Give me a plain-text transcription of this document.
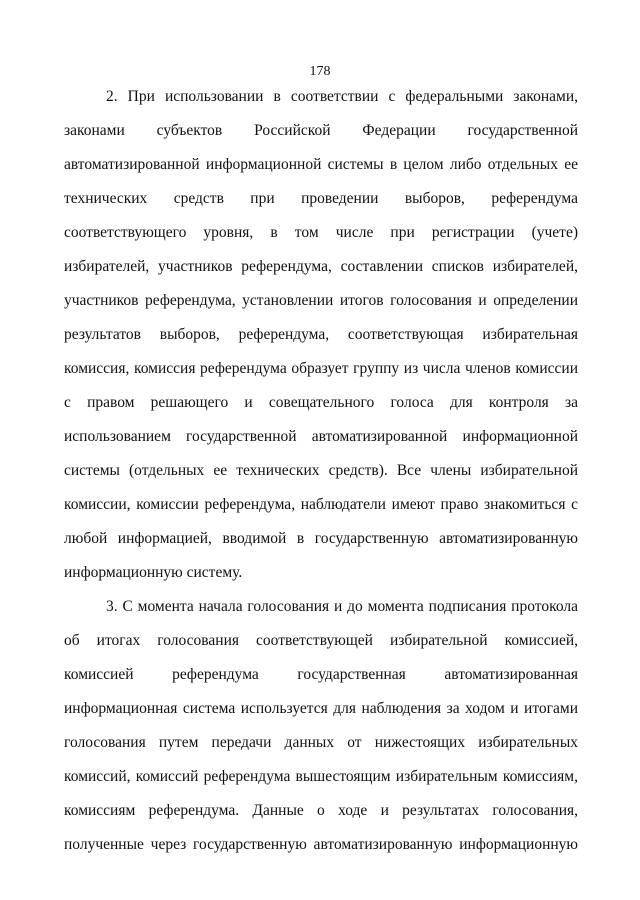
178
2. При использовании в соответствии с федеральными законами,
законами субъектов Российской Федерации государственной
автоматизированной информационной системы в целом либо отдельных ее
технических средств при проведении выборов, референдума
соответствующего уровня, в том числе при регистрации (учете)
избирателей, участников референдума, составлении списков избирателей,
участников референдума, установлении итогов голосования и определении
результатов выборов, референдума, соответствующая избирательная
комиссия, комиссия референдума образует группу из числа членов комиссии
с правом решающего и совещательного голоса для контроля за
использованием государственной автоматизированной информационной
системы (отдельных ее технических средств). Все члены избирательной
комиссии, комиссии референдума, наблюдатели имеют право знакомиться с
любой информацией, вводимой в государственную автоматизированную
информационную систему.
3. С момента начала голосования и до момента подписания протокола
об итогах голосования соответствующей избирательной комиссией,
комиссией референдума государственная автоматизированная
информационная система используется для наблюдения за ходом и итогами
голосования путем передачи данных от нижестоящих избирательных
комиссий, комиссий референдума вышестоящим избирательным комиссиям,
комиссиям референдума. Данные о ходе и результатах голосования,
полученные через государственную автоматизированную информационную
